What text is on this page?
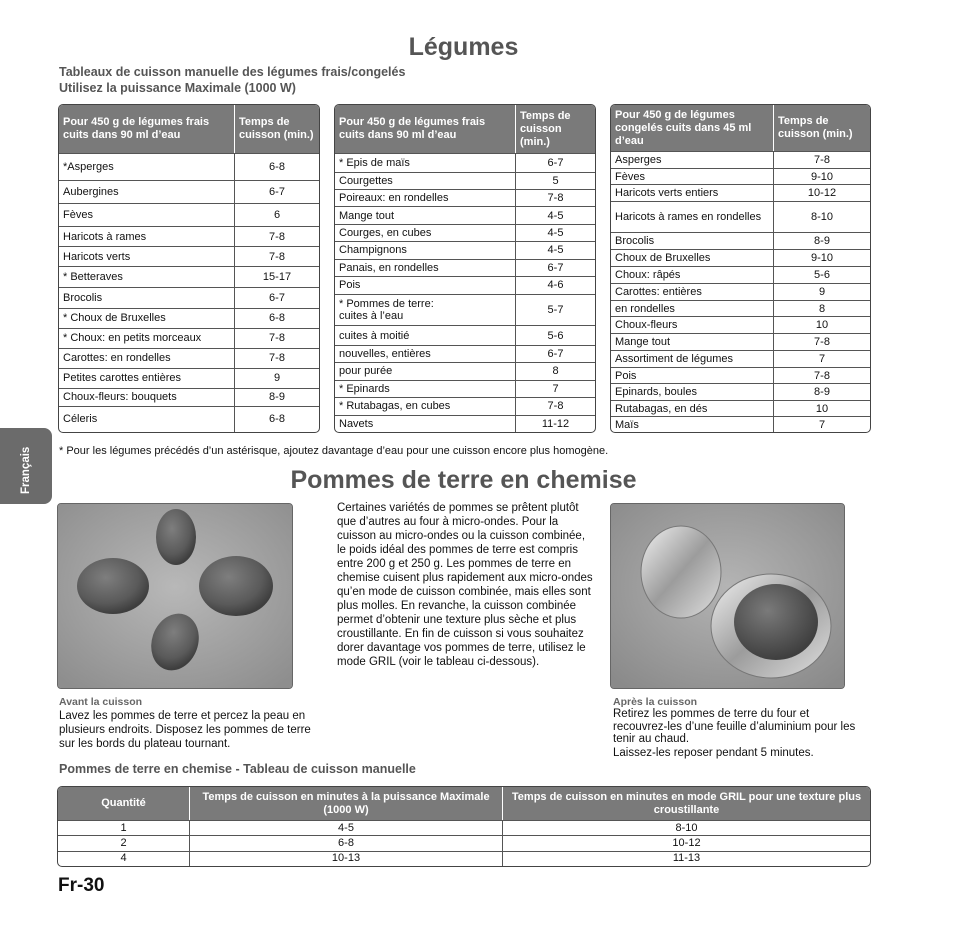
Légumes
Tableaux de cuisson manuelle des légumes frais/congelés
Utilisez la puissance Maximale (1000 W)
Pour 450 g de légumes frais cuits dans 90 ml d’eau	Temps de cuisson (min.)
*Asperges	6-8
Aubergines	6-7
Fèves	6
Haricots à rames	7-8
Haricots verts	7-8
* Betteraves	15-17
Brocolis	6-7
* Choux de Bruxelles	6-8
* Choux: en petits morceaux	7-8
Carottes: en rondelles	7-8
Petites carottes entières	9
Choux-fleurs: bouquets	8-9
Céleris	6-8
Pour 450 g de légumes frais cuits dans 90 ml d’eau	Temps de cuisson (min.)
* Epis de maïs	6-7
Courgettes	5
Poireaux: en rondelles	7-8
Mange tout	4-5
Courges, en cubes	4-5
Champignons	4-5
Panais, en rondelles	6-7
Pois	4-6
* Pommes de terre:
cuites à l’eau	5-7
cuites à moitié	5-6
nouvelles, entières	6-7
pour purée	8
* Epinards	7
* Rutabagas, en cubes	7-8
Navets	11-12
Pour 450 g de légumes congelés cuits dans 45 ml d’eau	Temps de cuisson (min.)
Asperges	7-8
Fèves	9-10
Haricots verts entiers	10-12
Haricots à rames en rondelles	8-10
Brocolis	8-9
Choux de Bruxelles	9-10
Choux: râpés	5-6
Carottes: entières	9
en rondelles	8
Choux-fleurs	10
Mange tout	7-8
Assortiment de légumes	7
Pois	7-8
Epinards, boules	8-9
Rutabagas, en dés	10
Maïs	7
* Pour les légumes précédés d’un astérisque, ajoutez davantage d’eau pour une cuisson encore plus homogène.
Français	Pommes de terre en chemise
Avant la cuisson
Lavez les pommes de terre et percez la peau en plusieurs endroits. Disposez les pommes de terre sur les bords du plateau tournant.
Certaines variétés de pommes se prêtent plutôt que d’autres au four à micro-ondes. Pour la cuisson au micro-ondes ou la cuisson combinée, le poids idéal des pommes de terre est compris entre 200 g et 250 g. Les pommes de terre en chemise cuisent plus rapidement aux micro-ondes qu’en mode de cuisson combinée, mais elles sont plus molles. En revanche, la cuisson combinée permet d’obtenir une texture plus sèche et plus croustillante. En fin de cuisson si vous souhaitez dorer davantage vos pommes de terre, utilisez le mode GRIL (voir le tableau ci-dessous).
Après la cuisson
Retirez les pommes de terre du four et recouvrez-les d’une feuille d’aluminium pour les tenir au chaud.
Laissez-les reposer pendant 5 minutes.
Pommes de terre en chemise - Tableau de cuisson manuelle
Quantité	Temps de cuisson en minutes à la puissance Maximale (1000 W)	Temps de cuisson en minutes en mode GRIL pour une texture plus croustillante
1	4-5	8-10
2	6-8	10-12
4	10-13	11-13
Fr-30
